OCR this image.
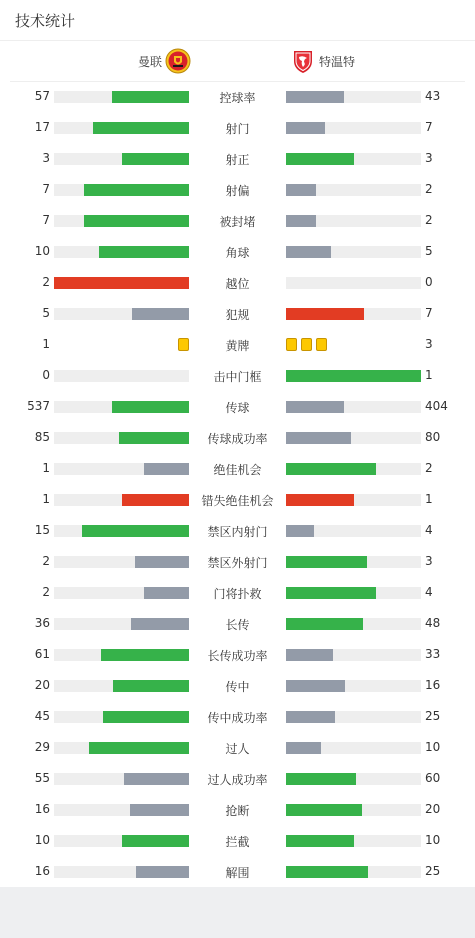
技术统计
曼联	特温特
57	控球率	43
17	射门	7
3	射正	3
7	射偏	2
7	被封堵	2
10	角球	5
2	越位	0
5	犯规	7
1	黄牌	3
0	击中门框	1
537	传球	404
85	传球成功率	80
1	绝佳机会	2
1	错失绝佳机会	1
15	禁区内射门	4
2	禁区外射门	3
2	门将扑救	4
36	长传	48
61	长传成功率	33
20	传中	16
45	传中成功率	25
29	过人	10
55	过人成功率	60
16	抢断	20
10	拦截	10
16	解围	25
